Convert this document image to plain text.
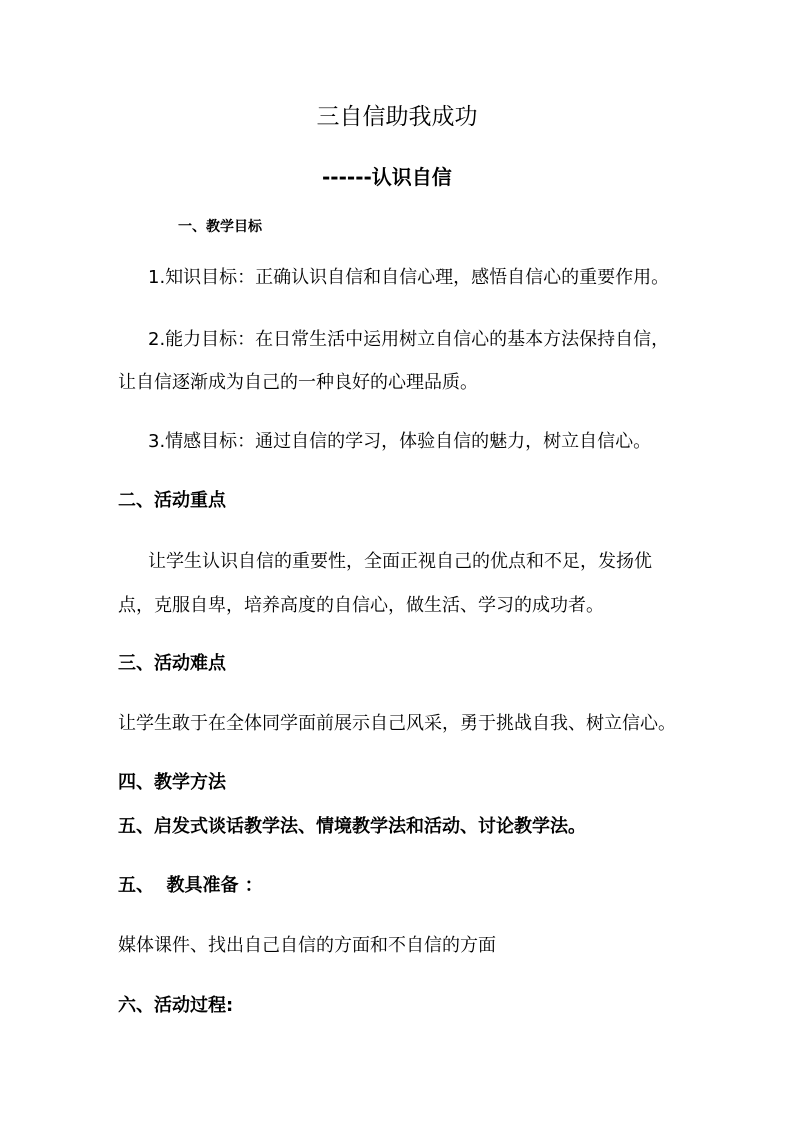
三自信助我成功
------认识自信
一、教学目标
1.知识目标：正确认识自信和自信心理，感悟自信心的重要作用。
2.能力目标：在日常生活中运用树立自信心的基本方法保持自信，
让自信逐渐成为自己的一种良好的心理品质。
3.情感目标：通过自信的学习，体验自信的魅力，树立自信心。
二、活动重点
让学生认识自信的重要性，全面正视自己的优点和不足，发扬优
点，克服自卑，培养高度的自信心，做生活、学习的成功者。
三、活动难点
让学生敢于在全体同学面前展示自己风采，勇于挑战自我、树立信心。
四、教学方法
五、启发式谈话教学法、情境教学法和活动、讨论教学法。
五、  教具准备 ：
媒体课件、找出自己自信的方面和不自信的方面
六、活动过程:
